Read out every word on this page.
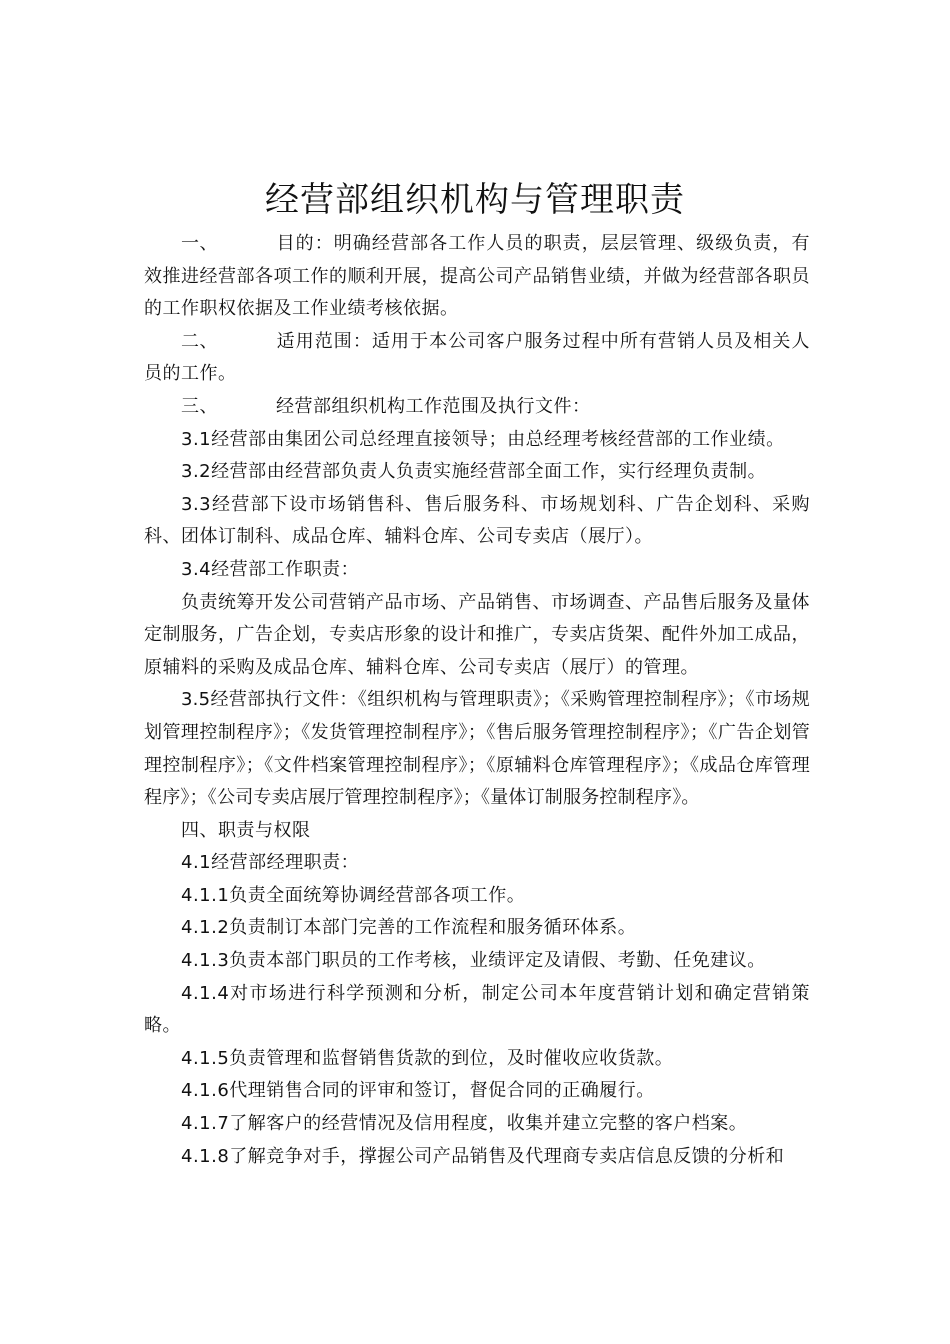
经营部组织机构与管理职责

一、	目的：明确经营部各工作人员的职责，层层管理、级级负责，有效推进经营部各项工作的顺利开展，提高公司产品销售业绩，并做为经营部各职员的工作职权依据及工作业绩考核依据。

二、	适用范围：适用于本公司客户服务过程中所有营销人员及相关人员的工作。

三、	经营部组织机构工作范围及执行文件：

3.1经营部由集团公司总经理直接领导；由总经理考核经营部的工作业绩。

3.2经营部由经营部负责人负责实施经营部全面工作，实行经理负责制。

3.3经营部下设市场销售科、售后服务科、市场规划科、广告企划科、采购科、团体订制科、成品仓库、辅料仓库、公司专卖店（展厅）。

3.4经营部工作职责：

负责统筹开发公司营销产品市场、产品销售、市场调查、产品售后服务及量体定制服务，广告企划，专卖店形象的设计和推广，专卖店货架、配件外加工成品，原辅料的采购及成品仓库、辅料仓库、公司专卖店（展厅）的管理。

3.5经营部执行文件：《组织机构与管理职责》；《采购管理控制程序》；《市场规划管理控制程序》；《发货管理控制程序》；《售后服务管理控制程序》；《广告企划管理控制程序》；《文件档案管理控制程序》；《原辅料仓库管理程序》；《成品仓库管理程序》；《公司专卖店展厅管理控制程序》；《量体订制服务控制程序》。

四、职责与权限

4.1经营部经理职责：

4.1.1负责全面统筹协调经营部各项工作。

4.1.2负责制订本部门完善的工作流程和服务循环体系。

4.1.3负责本部门职员的工作考核，业绩评定及请假、考勤、任免建议。

4.1.4对市场进行科学预测和分析，制定公司本年度营销计划和确定营销策略。

4.1.5负责管理和监督销售货款的到位，及时催收应收货款。

4.1.6代理销售合同的评审和签订，督促合同的正确履行。

4.1.7了解客户的经营情况及信用程度，收集并建立完整的客户档案。

4.1.8了解竞争对手，撑握公司产品销售及代理商专卖店信息反馈的分析和
